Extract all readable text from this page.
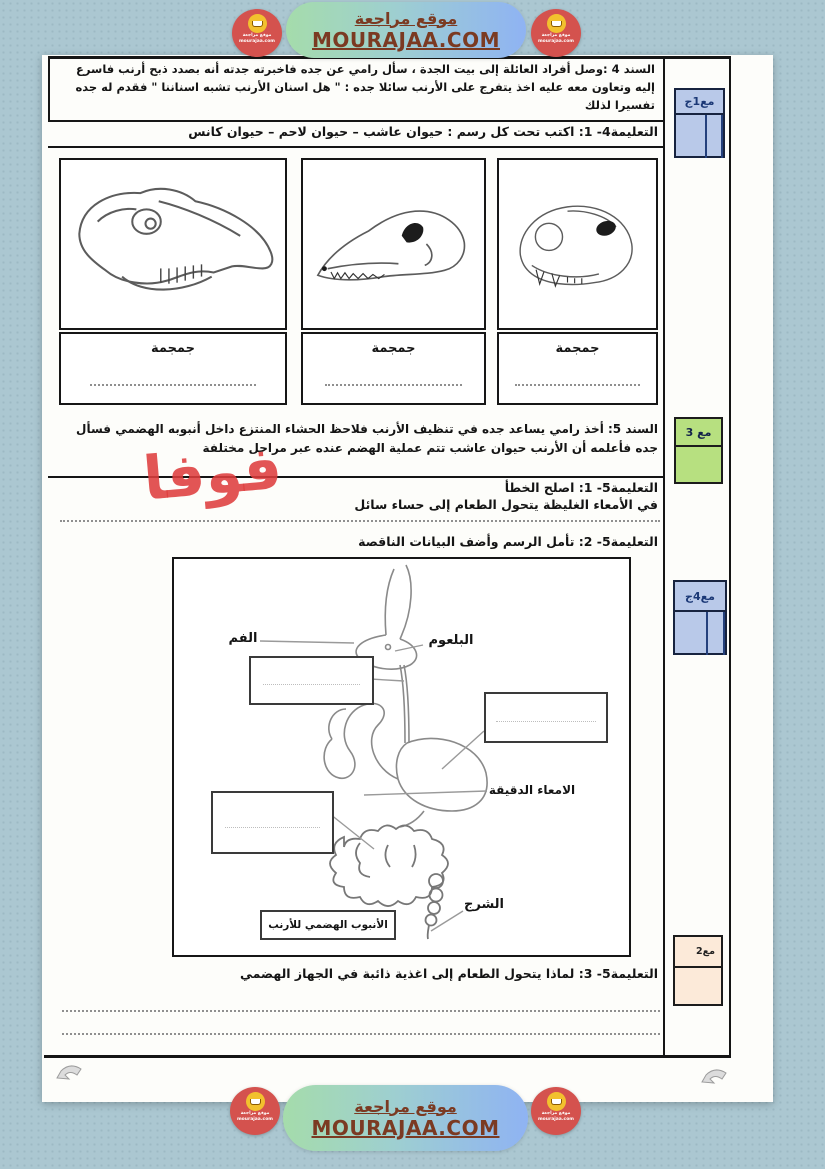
السند 4 :وصل أفراد العائلة إلى بيت الجدة ، سأل رامي عن جده فاخبرته جدته أنه بصدد ذبح أرنب فاسرع إليه وتعاون معه عليه اخذ يتفرج على الأرنب سائلا جده : " هل اسنان الأرنب تشبه اسناننا " فقدم له جده تفسيرا لذلك
التعليمة4- 1: اكتب تحت كل رسم : حيوان عاشب – حيوان لاحم – حيوان كانس
جمجمة	جمجمة	جمجمة
السند 5: أخذ رامي يساعد جده في تنظيف الأرنب فلاحظ الحشاء المنتزع داخل أنبوبه الهضمي فسأل جده فأعلمه أن الأرنب حيوان عاشب تتم عملية الهضم عنده عبر مراحل مختلفة
التعليمة5- 1: اصلح الخطأ
في الأمعاء الغليظة يتحول الطعام إلى حساء سائل
فوفا
التعليمة5- 2: تأمل الرسم وأضف البيانات الناقصة
الفم	البلعوم
الامعاء الدقيقة
الشرج
الأنبوب الهضمي للأرنب
التعليمة5- 3: لماذا يتحول الطعام إلى اغذية ذائبة في الجهاز الهضمي
مع1ج
مع 3
مع4ج
مع2
موقع مراجعة
MOURAJAA.COM
موقع مراجعة
mourajaa.com
موقع مراجعة
mourajaa.com
موقع مراجعة
MOURAJAA.COM
موقع مراجعة
mourajaa.com
موقع مراجعة
mourajaa.com
